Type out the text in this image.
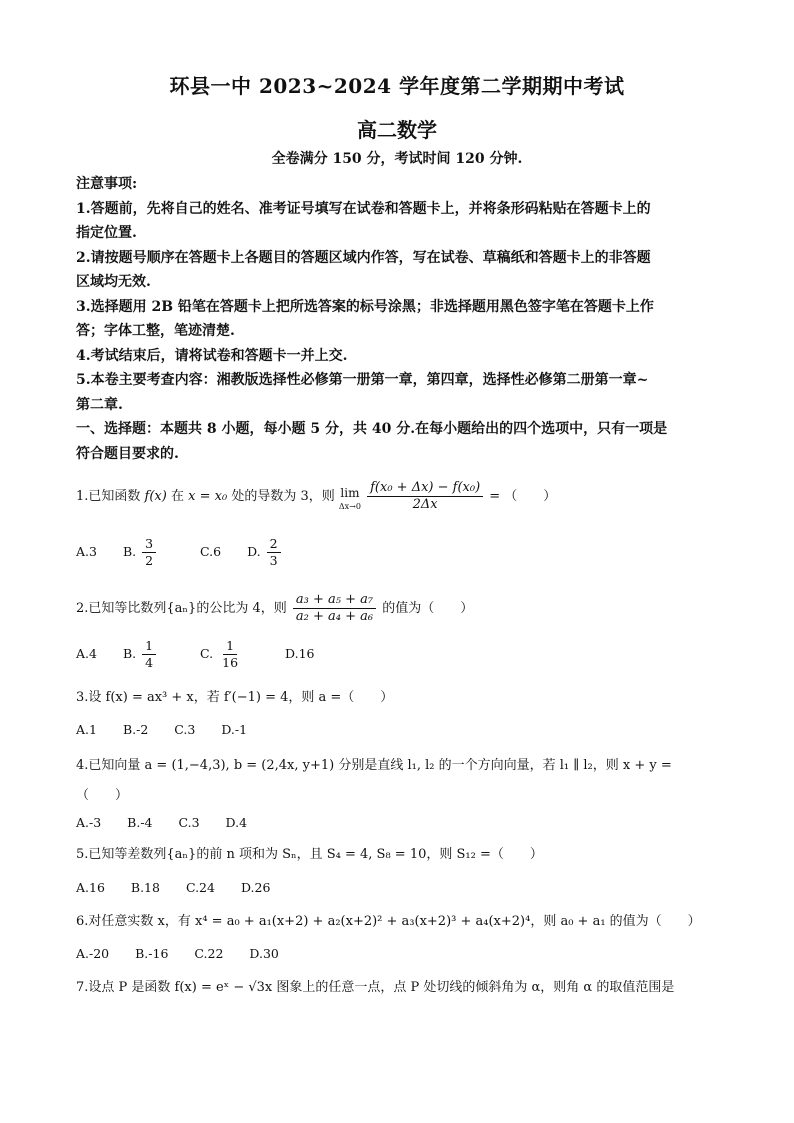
环县一中 2023~2024 学年度第二学期期中考试
高二数学
全卷满分 150 分，考试时间 120 分钟.
注意事项:
1.答题前，先将自己的姓名、准考证号填写在试卷和答题卡上，并将条形码粘贴在答题卡上的
指定位置.
2.请按题号顺序在答题卡上各题目的答题区域内作答，写在试卷、草稿纸和答题卡上的非答题
区域均无效.
3.选择题用 2B 铅笔在答题卡上把所选答案的标号涂黑；非选择题用黑色签字笔在答题卡上作
答；字体工整，笔迹清楚.
4.考试结束后，请将试卷和答题卡一并上交.
5.本卷主要考查内容：湘教版选择性必修第一册第一章，第四章，选择性必修第二册第一章~
第二章.
一、选择题：本题共 8 小题，每小题 5 分，共 40 分.在每小题给出的四个选项中，只有一项是
符合题目要求的.
1.已知函数 f(x) 在 x = x₀ 处的导数为 3，则 lim
Δx→0
$\frac{\text{f(x₀ + Δx) − f(x₀)}}{2\Delta x}$ = （　　）
A.3 B. $\frac{3}{2}$	C.6 D. $\frac{2}{3}$
2.已知等比数列{aₙ}的公比为 4，则 $\frac{\text{a₃ + a₅ + a₇}}{\text{a₂ + a₄ + a₆}}$ 的值为（　　）
A.4 B. $\frac{1}{4}$	C. $\frac{1}{16}$	D.16
3.设 f(x) = ax³ + x，若 f′(−1) = 4，则 a =（　　）
A.1 B.-2 C.3 D.-1
4.已知向量 a = (1,−4,3), b = (2,4x, y+1) 分别是直线 l₁, l₂ 的一个方向向量，若 l₁ ∥ l₂，则 x + y =
（　　）
A.-3 B.-4 C.3 D.4
5.已知等差数列{aₙ}的前 n 项和为 Sₙ，且 S₄ = 4, S₈ = 10，则 S₁₂ =（　　）
A.16 B.18 C.24 D.26
6.对任意实数 x，有 x⁴ = a₀ + a₁(x+2) + a₂(x+2)² + a₃(x+2)³ + a₄(x+2)⁴，则 a₀ + a₁ 的值为（　　）
A.-20 B.-16 C.22 D.30
7.设点 P 是函数 f(x) = eˣ − √3x 图象上的任意一点，点 P 处切线的倾斜角为 α，则角 α 的取值范围是
